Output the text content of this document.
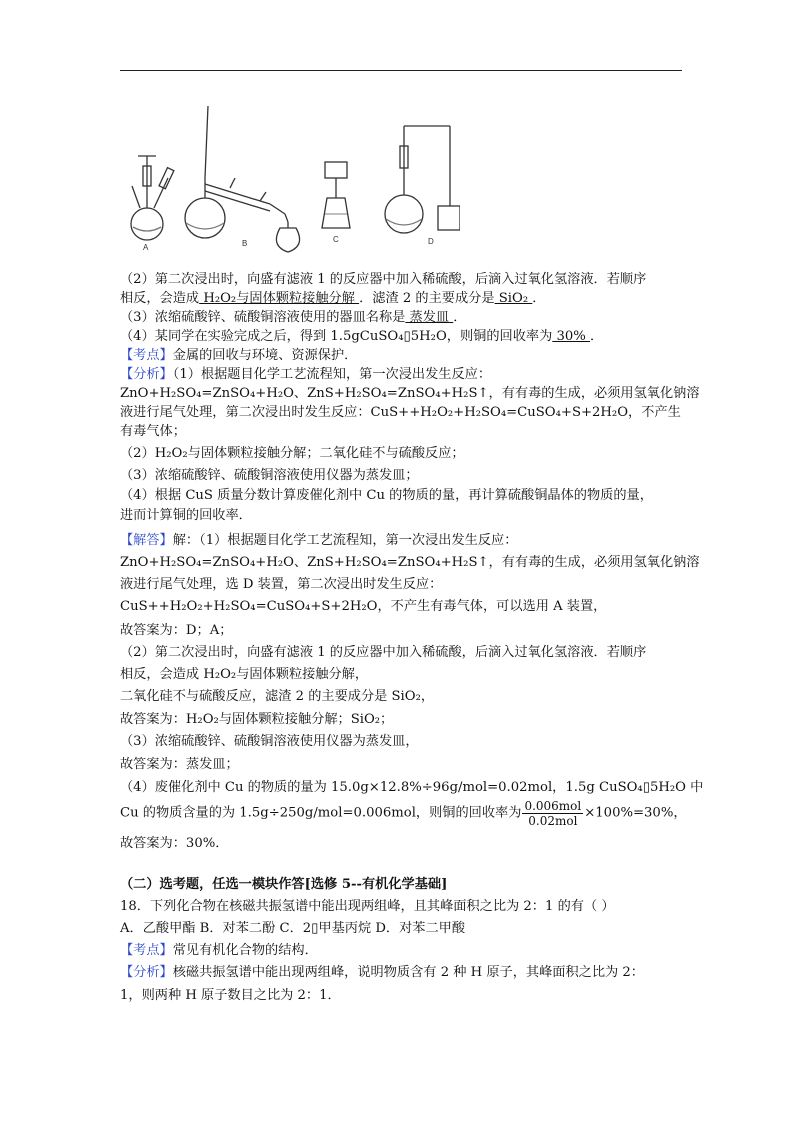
A	B	C	D
（2）第二次浸出时，向盛有滤液 1 的反应器中加入稀硫酸，后滴入过氧化氢溶液．若顺序
相反，会造成 H₂O₂与固体颗粒接触分解 ．滤渣 2 的主要成分是 SiO₂ ．
（3）浓缩硫酸锌、硫酸铜溶液使用的器皿名称是 蒸发皿 ．
（4）某同学在实验完成之后，得到 1.5gCuSO₄▯5H₂O，则铜的回收率为 30% ．
【考点】金属的回收与环境、资源保护．
【分析】（1）根据题目化学工艺流程知，第一次浸出发生反应：
ZnO+H₂SO₄=ZnSO₄+H₂O、ZnS+H₂SO₄=ZnSO₄+H₂S↑，有有毒的生成，必须用氢氧化钠溶
液进行尾气处理，第二次浸出时发生反应：CuS++H₂O₂+H₂SO₄=CuSO₄+S+2H₂O，不产生
有毒气体；
（2）H₂O₂与固体颗粒接触分解；二氧化硅不与硫酸反应；
（3）浓缩硫酸锌、硫酸铜溶液使用仪器为蒸发皿；
（4）根据 CuS 质量分数计算废催化剂中 Cu 的物质的量，再计算硫酸铜晶体的物质的量，
进而计算铜的回收率．
【解答】解：（1）根据题目化学工艺流程知，第一次浸出发生反应：
ZnO+H₂SO₄=ZnSO₄+H₂O、ZnS+H₂SO₄=ZnSO₄+H₂S↑，有有毒的生成，必须用氢氧化钠溶
液进行尾气处理，选 D 装置，第二次浸出时发生反应：
CuS++H₂O₂+H₂SO₄=CuSO₄+S+2H₂O，不产生有毒气体，可以选用 A 装置，
故答案为：D；A；
（2）第二次浸出时，向盛有滤液 1 的反应器中加入稀硫酸，后滴入过氧化氢溶液．若顺序
相反，会造成 H₂O₂与固体颗粒接触分解，
二氧化硅不与硫酸反应，滤渣 2 的主要成分是 SiO₂，
故答案为：H₂O₂与固体颗粒接触分解；SiO₂；
（3）浓缩硫酸锌、硫酸铜溶液使用仪器为蒸发皿，
故答案为：蒸发皿；
（4）废催化剂中 Cu 的物质的量为 15.0g×12.8%÷96g/mol=0.02mol，1.5g CuSO₄▯5H₂O 中
Cu 的物质含量的为 1.5g÷250g/mol=0.006mol，则铜的回收率为 $\frac{\text{0.006mol}}{\text{0.02mol}} \times 100\%=30\%$，
故答案为：30%．
（二）选考题，任选一模块作答[选修 5--有机化学基础]
18．下列化合物在核磁共振氢谱中能出现两组峰，且其峰面积之比为 2：1 的有（ ）
A．乙酸甲酯 B．对苯二酚 C．2▯甲基丙烷 D．对苯二甲酸
【考点】常见有机化合物的结构．
【分析】核磁共振氢谱中能出现两组峰，说明物质含有 2 种 H 原子，其峰面积之比为 2：
1，则两种 H 原子数目之比为 2：1．
